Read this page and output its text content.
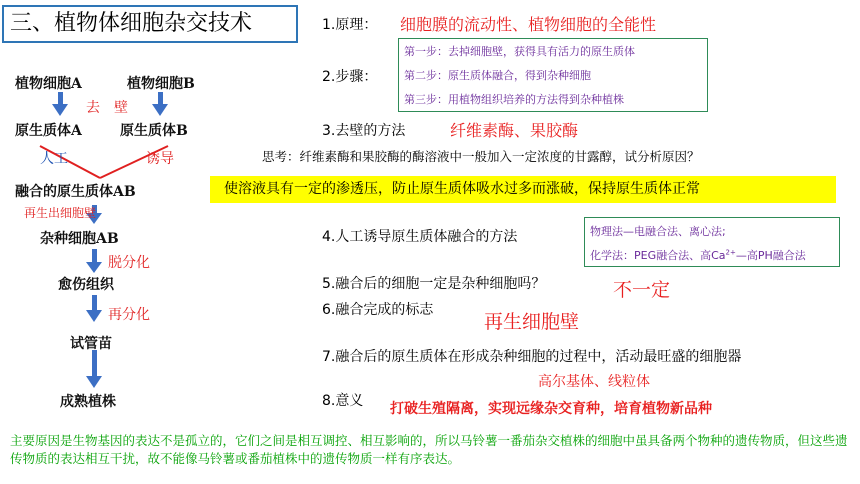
三、植物体细胞杂交技术
植物细胞A	植物细胞B
去　壁
原生质体A	原生质体B
人工	诱导
融合的原生质体AB
再生出细胞壁
杂种细胞AB
脱分化
愈伤组织
再分化
试管苗
成熟植株
1.原理： 细胞膜的流动性、植物细胞的全能性
2.步骤：
第一步：去掉细胞壁，获得具有活力的原生质体
第二步：原生质体融合，得到杂种细胞
第三步：用植物组织培养的方法得到杂种植株
3.去壁的方法	纤维素酶、果胶酶
思考：纤维素酶和果胶酶的酶溶液中一般加入一定浓度的甘露醇，试分析原因？
使溶液具有一定的渗透压，防止原生质体吸水过多而涨破，保持原生质体正常
4.人工诱导原生质体融合的方法	物理法—电融合法、离心法;
化学法：PEG融合法、高$Ca^{2+}—$高PH融合法
5.融合后的细胞一定是杂种细胞吗？	不一定
6.融合完成的标志
再生细胞壁
7.融合后的原生质体在形成杂种细胞的过程中，活动最旺盛的细胞器
高尔基体、线粒体
8.意义 打破生殖隔离，实现远缘杂交育种，培育植物新品种
主要原因是生物基因的表达不是孤立的，它们之间是相互调控、相互影响的，所以马铃薯一番茄杂交植株的细胞中虽具备两个物种的遗传物质，但这些遗传物质的表达相互干扰，故不能像马铃薯或番茄植株中的遗传物质一样有序表达。
